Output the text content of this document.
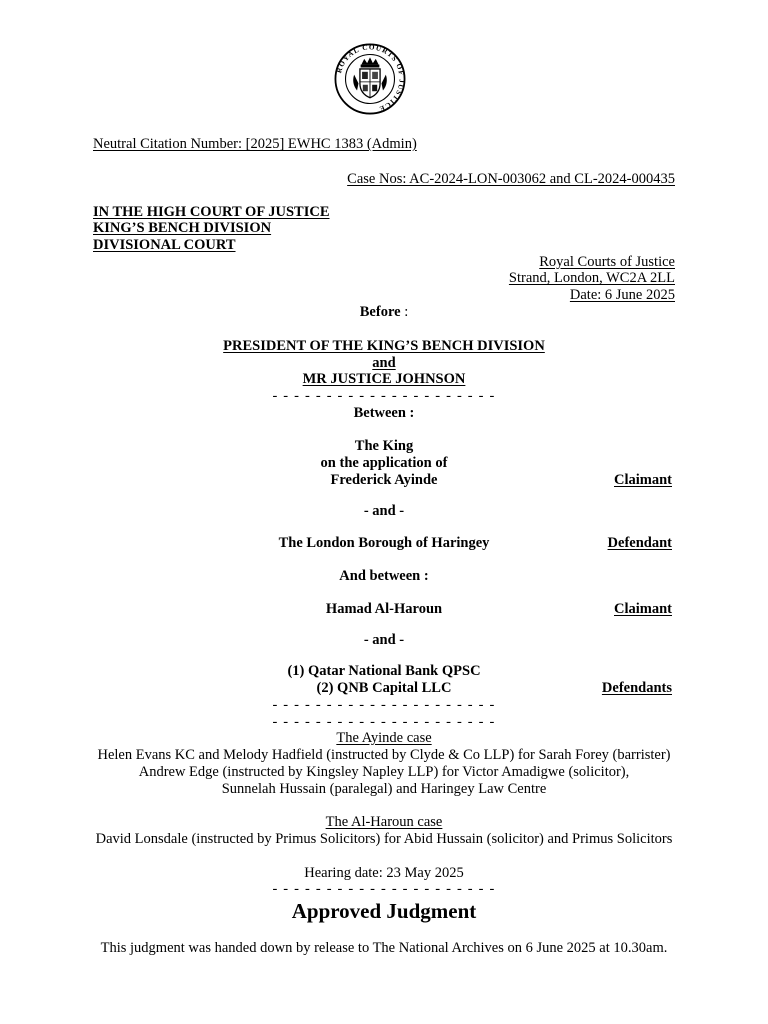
ROYAL COURTS OF JUSTICE
Neutral Citation Number: [2025] EWHC 1383 (Admin)
Case Nos: AC-2024-LON-003062 and CL-2024-000435
IN THE HIGH COURT OF JUSTICE
KING’S BENCH DIVISION
DIVISIONAL COURT
Royal Courts of Justice
Strand, London, WC2A 2LL
Date: 6 June 2025
Before :
PRESIDENT OF THE KING’S BENCH DIVISION
and
MR JUSTICE JOHNSON
- - - - - - - - - - - - - - - - - - - - -
Between :
The King
on the application of
Frederick Ayinde	Claimant
- and -
The London Borough of Haringey	Defendant
And between :
Hamad Al-Haroun	Claimant
- and -
(1) Qatar National Bank QPSC
(2) QNB Capital LLC	Defendants
- - - - - - - - - - - - - - - - - - - - -
- - - - - - - - - - - - - - - - - - - - -
The Ayinde case
Helen Evans KC and Melody Hadfield (instructed by Clyde & Co LLP) for Sarah Forey (barrister)
Andrew Edge (instructed by Kingsley Napley LLP) for Victor Amadigwe (solicitor),
Sunnelah Hussain (paralegal) and Haringey Law Centre
The Al-Haroun case
David Lonsdale (instructed by Primus Solicitors) for Abid Hussain (solicitor) and Primus Solicitors
Hearing date: 23 May 2025
- - - - - - - - - - - - - - - - - - - - -
Approved Judgment
This judgment was handed down by release to The National Archives on 6 June 2025 at 10.30am.
